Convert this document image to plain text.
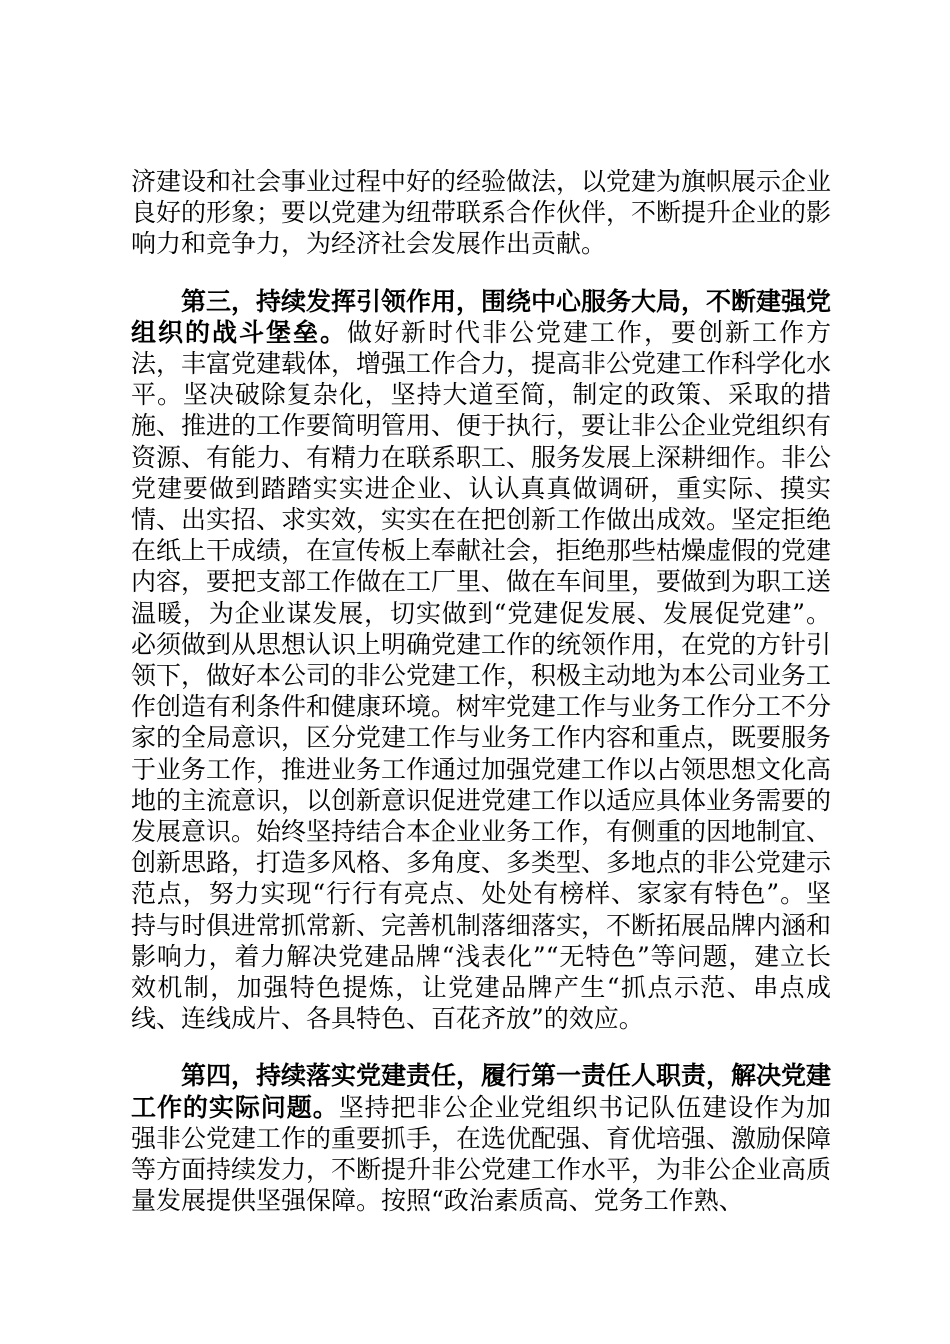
济建设和社会事业过程中好的经验做法，以党建为旗帜展示企业良好的形象；要以党建为纽带联系合作伙伴，不断提升企业的影响力和竞争力，为经济社会发展作出贡献。

第三，持续发挥引领作用，围绕中心服务大局，不断建强党组织的战斗堡垒。做好新时代非公党建工作，要创新工作方法，丰富党建载体，增强工作合力，提高非公党建工作科学化水平。坚决破除复杂化，坚持大道至简，制定的政策、采取的措施、推进的工作要简明管用、便于执行，要让非公企业党组织有资源、有能力、有精力在联系职工、服务发展上深耕细作。非公党建要做到踏踏实实进企业、认认真真做调研，重实际、摸实情、出实招、求实效，实实在在把创新工作做出成效。坚定拒绝在纸上干成绩，在宣传板上奉献社会，拒绝那些枯燥虚假的党建内容，要把支部工作做在工厂里、做在车间里，要做到为职工送温暖，为企业谋发展，切实做到“党建促发展、发展促党建”。必须做到从思想认识上明确党建工作的统领作用，在党的方针引领下，做好本公司的非公党建工作，积极主动地为本公司业务工作创造有利条件和健康环境。树牢党建工作与业务工作分工不分家的全局意识，区分党建工作与业务工作内容和重点，既要服务于业务工作，推进业务工作通过加强党建工作以占领思想文化高地的主流意识，以创新意识促进党建工作以适应具体业务需要的发展意识。始终坚持结合本企业业务工作，有侧重的因地制宜、创新思路，打造多风格、多角度、多类型、多地点的非公党建示范点，努力实现“行行有亮点、处处有榜样、家家有特色”。坚持与时俱进常抓常新、完善机制落细落实，不断拓展品牌内涵和影响力，着力解决党建品牌“浅表化”“无特色”等问题，建立长效机制，加强特色提炼，让党建品牌产生“抓点示范、串点成线、连线成片、各具特色、百花齐放”的效应。

第四，持续落实党建责任，履行第一责任人职责，解决党建工作的实际问题。坚持把非公企业党组织书记队伍建设作为加强非公党建工作的重要抓手，在选优配强、育优培强、激励保障等方面持续发力，不断提升非公党建工作水平，为非公企业高质量发展提供坚强保障。按照“政治素质高、党务工作熟、
